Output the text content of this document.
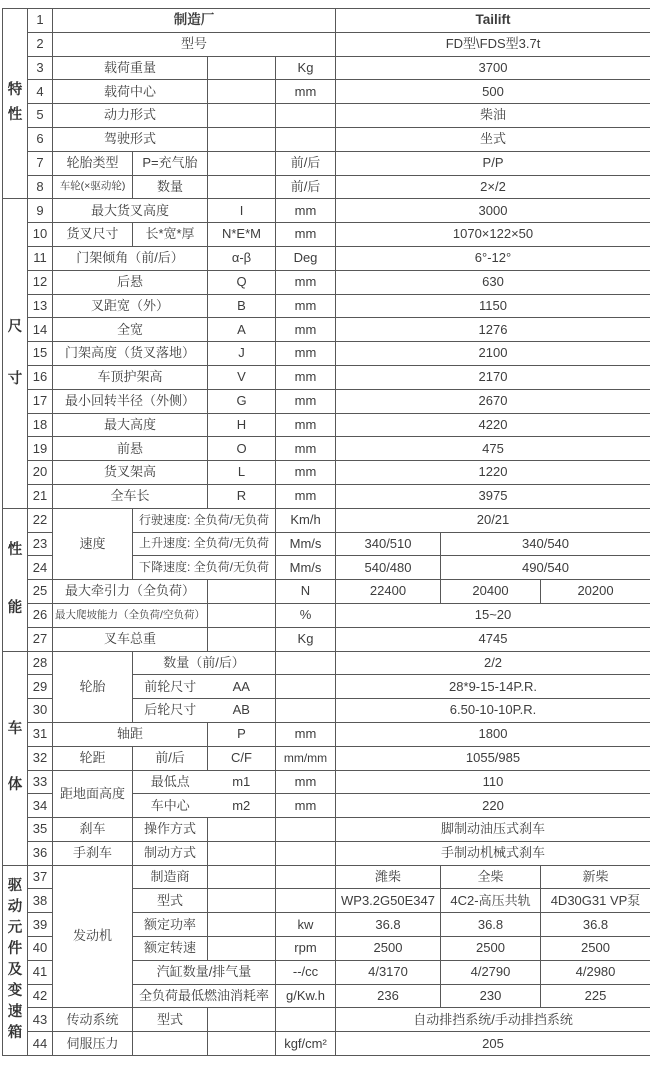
特
性	1	制造厂				Tailift		
	2	型号				FD型\FDS型3.7t		
	3	载荷重量			Kg	3700		
	4	载荷中心			mm	500		
	5	动力形式				柴油		
	6	驾驶形式				坐式		
	7	轮胎类型	P=充气胎		前/后	P/P		
	8	车轮(×驱动轮)	数量		前/后	2×/2		

尺
寸	9	最大货叉高度		I	mm	3000		
	10	货叉尺寸	长*宽*厚	N*E*M	mm	1070×122×50		
	11	门架倾角（前/后）		α-β	Deg	6°-12°		
	12	后悬		Q	mm	630		
	13	叉距宽（外）		B	mm	1150		
	14	全宽		A	mm	1276		
	15	门架高度（货叉落地）		J	mm	2100		
	16	车顶护架高		V	mm	2170		
	17	最小回转半径（外侧）		G	mm	2670		
	18	最大高度		H	mm	4220		
	19	前悬		O	mm	475		
	20	货叉架高		L	mm	1220		
	21	全车长		R	mm	3975		

性
能	22	速度	行驶速度: 全负荷/无负荷		Km/h	20/21		
	23		上升速度: 全负荷/无负荷		Mm/s	340/510	340/540	
	24		下降速度: 全负荷/无负荷		Mm/s	540/480	490/540	
	25	最大牵引力（全负荷）			N	22400	20400	20200
	26	最大爬坡能力（全负荷/空负荷）			%	15~20		
	27	叉车总重			Kg	4745		

车
体	28	轮胎	数量（前/后）			2/2		
	29		前轮尺寸	AA		28*9-15-14P.R.		
	30		后轮尺寸	AB		6.50-10-10P.R.		
	31	轴距		P	mm	1800		
	32	轮距	前/后	C/F	mm/mm	1055/985		
	33	距地面高度	最低点	m1	mm	110		
	34		车中心	m2	mm	220		
	35	刹车	操作方式			脚制动油压式刹车		
	36	手刹车	制动方式			手制动机械式刹车		

驱
动
元
件
及
变
速
箱
	37	发动机	制造商			潍柴	全柴	新柴
	38		型式			WP3.2G50E347	4C2-高压共轨	4D30G31 VP泵
	39		额定功率		kw	36.8	36.8	36.8
	40		额定转速		rpm	2500	2500	2500
	41		汽缸数量/排气量		--/cc	4/3170	4/2790	4/2980
	42		全负荷最低燃油消耗率		g/Kw.h	236	230	225
	43	传动系统	型式			自动排挡系统/手动排挡系统		
	44	伺服压力			kgf/cm²	205		
